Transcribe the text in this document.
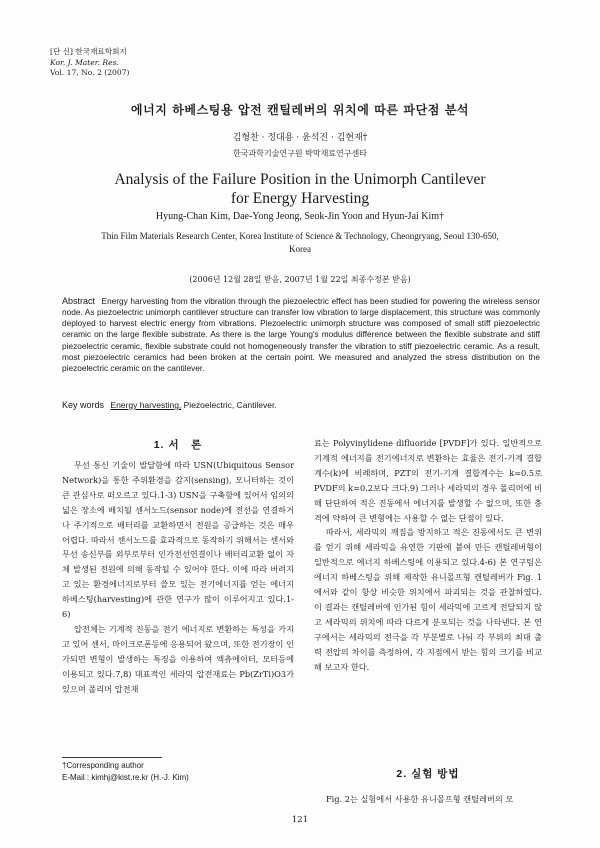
[단 신] 한국재료학회지
Kor. J. Mater. Res.
Vol. 17, No. 2 (2007)
에너지 하베스팅용 압전 캔틸레버의 위치에 따른 파단점 분석
김형찬 · 정대용 · 윤석진 · 김현재†
한국과학기술연구원 박막재료연구센타
Analysis of the Failure Position in the Unimorph Cantilever
for Energy Harvesting
Hyung-Chan Kim, Dae-Yong Jeong, Seok-Jin Yoon and Hyun-Jai Kim†
Thin Film Materials Research Center, Korea Institute of Science & Technology, Cheongryang, Seoul 130-650, Korea
(2006년 12월 28일 받음, 2007년 1월 22일 최종수정본 받음)
Abstract Energy harvesting from the vibration through the piezoelectric effect has been studied for powering the wireless sensor node. As piezoelectric unimorph cantilever structure can transfer low vibration to large displacement, this structure was commonly deployed to harvest electric energy from vibrations. Piezoelectric unimorph structure was composed of small stiff piezoelectric ceramic on the large flexible substrate. As there is the large Young's modulus difference between the flexible substrate and stiff piezoelectric ceramic, flexible substrate could not homogeneously transfer the vibration to stiff piezoelectric ceramic. As a result, most piezoelectric ceramics had been broken at the certain point. We measured and analyzed the stress distribution on the piezoelectric ceramic on the cantilever.
Key words Energy harvesting, Piezoelectric, Cantilever.
1. 서　론

무선 통신 기술이 발달함에 따라 USN(Ubiquitous Sensor Network)을 통한 주위환경을 감지(sensing), 모니터하는 것이 큰 관심사로 떠오르고 있다.1-3) USN을 구축함에 있어서 임의의 넓은 장소에 배치될 센서노드(sensor node)에 전선을 연결하거나 주기적으로 배터리를 교환하면서 전원을 공급하는 것은 매우 어렵다. 따라서 센서노드를 효과적으로 동작하기 위해서는 센서와 무선 송신부를 외부로부터 인가전선연결이나 배터리교환 없이 자체 발생된 전원에 의해 동작될 수 있어야 한다. 이에 따라 버려지고 있는 환경에너지로부터 쓸모 있는 전기에너지를 얻는 에너지 하베스팅(harvesting)에 관한 연구가 많이 이루어지고 있다.1-6)

압전체는 기계적 진동을 전기 에너지로 변환하는 특성을 가지고 있어 센서, 마이크로폰등에 응용되어 왔으며, 또한 전기장이 인가되면 변형이 발생하는 특징을 이용하여 엑츄에이터, 모터등에 이용되고 있다.7,8) 대표적인 세라믹 압전재료는 Pb(ZrTi)O3가 있으며 폴리머 압전재

†Corresponding author
E-Mail : kimhj@kist.re.kr (H.-J. Kim)

료는 Polyvinylidene difluoride [PVDF]가 있다. 일반적으로 기계적 에너지를 전기에너지로 변환하는 효율은 전기-기계 결합계수(k)에 비례하며, PZT의 전기-기계 결합계수는 k=0.5로 PVDF의 k=0.2보다 크다.9) 그러나 세라믹의 경우 폴리머에 비해 단단하여 적은 진동에서 에너지를 발생할 수 없으며, 또한 충격에 약하여 큰 변형에는 사용할 수 없는 단점이 있다.

따라서, 세라믹의 깨짐을 방지하고 적은 진동에서도 큰 변위를 얻기 위해 세라믹을 유연한 기판에 붙여 만든 캔틸레버형이 일반적으로 에너지 하베스팅에 이용되고 있다.4-6) 본 연구팀은 에너지 하베스팅을 위해 제작한 유니몰프형 캔틸레버가 Fig. 1에서와 같이 항상 비슷한 위치에서 파괴되는 것을 관찰하였다. 이 결과는 캔틸레버에 인가된 힘이 세라믹에 고르게 전달되지 않고 세라믹의 위치에 따라 다르게 분포되는 것을 나타낸다. 본 연구에서는 세라믹의 전극을 각 부분별로 나눠 각 부위의 최대 출력 전압의 차이를 측정하여, 각 지점에서 받는 힘의 크기를 비교해 보고자 한다.

2. 실험 방법

Fig. 2는 실험에서 사용한 유니몰프형 캔틸레버의 모

121
